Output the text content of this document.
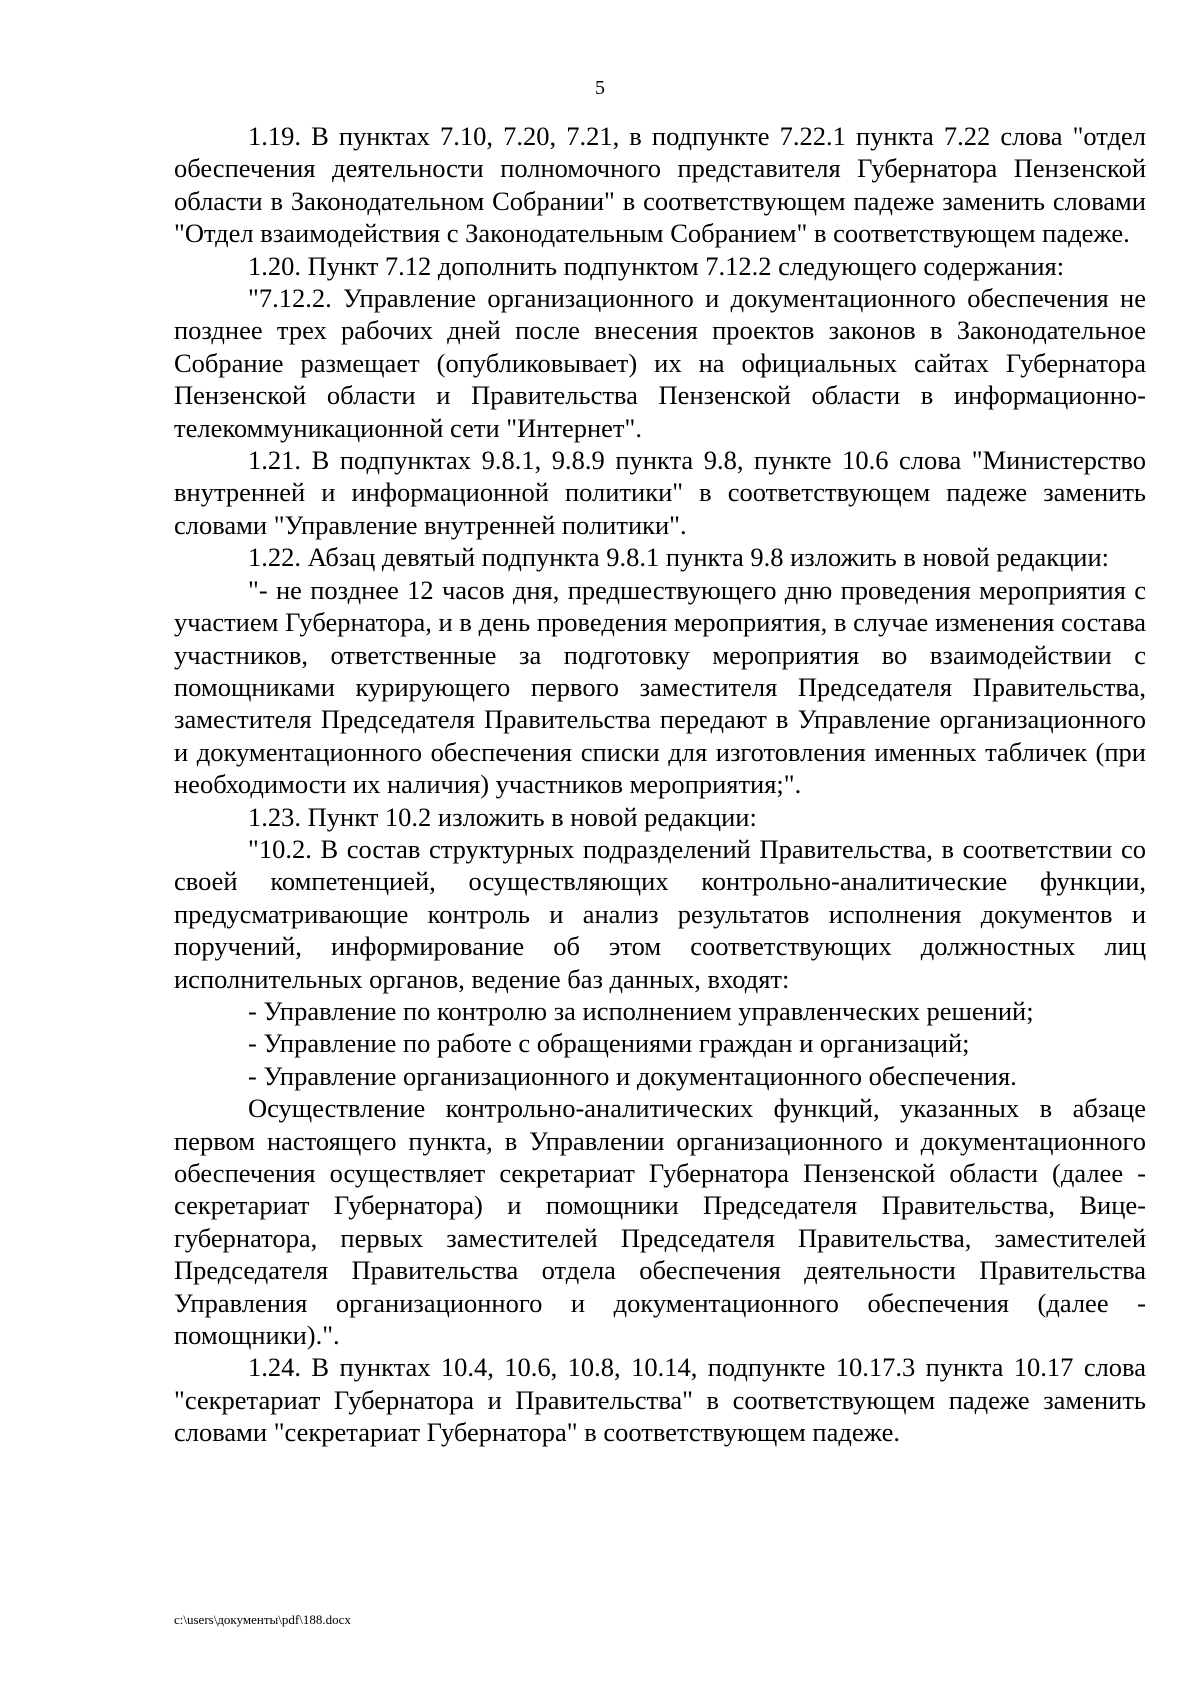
5

1.19. В пунктах 7.10, 7.20, 7.21, в подпункте 7.22.1 пункта 7.22 слова "отдел обеспечения деятельности полномочного представителя Губернатора Пензенской области в Законодательном Собрании" в соответствующем падеже заменить словами "Отдел взаимодействия с Законодательным Собранием" в соответствующем падеже.

1.20. Пункт 7.12 дополнить подпунктом 7.12.2 следующего содержания:

"7.12.2. Управление организационного и документационного обеспечения не позднее трех рабочих дней после внесения проектов законов в Законодательное Собрание размещает (опубликовывает) их на официальных сайтах Губернатора Пензенской области и Правительства Пензенской области в информационно-телекоммуникационной сети "Интернет".

1.21. В подпунктах 9.8.1, 9.8.9 пункта 9.8, пункте 10.6 слова "Министерство внутренней и информационной политики" в соответствующем падеже заменить словами "Управление внутренней политики".

1.22. Абзац девятый подпункта 9.8.1 пункта 9.8 изложить в новой редакции:

"- не позднее 12 часов дня, предшествующего дню проведения мероприятия с участием Губернатора, и в день проведения мероприятия, в случае изменения состава участников, ответственные за подготовку мероприятия во взаимодействии с помощниками курирующего первого заместителя Председателя Правительства, заместителя Председателя Правительства передают в Управление организационного и документационного обеспечения списки для изготовления именных табличек (при необходимости их наличия) участников мероприятия;".

1.23. Пункт 10.2 изложить в новой редакции:

"10.2. В состав структурных подразделений Правительства, в соответствии со своей компетенцией, осуществляющих контрольно-аналитические функции, предусматривающие контроль и анализ результатов исполнения документов и поручений, информирование об этом соответствующих должностных лиц исполнительных органов, ведение баз данных, входят:

- Управление по контролю за исполнением управленческих решений;

- Управление по работе с обращениями граждан и организаций;

- Управление организационного и документационного обеспечения.

Осуществление контрольно-аналитических функций, указанных в абзаце первом настоящего пункта, в Управлении организационного и документационного обеспечения осуществляет секретариат Губернатора Пензенской области (далее - секретариат Губернатора) и помощники Председателя Правительства, Вице-губернатора, первых заместителей Председателя Правительства, заместителей Председателя Правительства отдела обеспечения деятельности Правительства Управления организационного и документационного обеспечения (далее - помощники).".

1.24. В пунктах 10.4, 10.6, 10.8, 10.14, подпункте 10.17.3 пункта 10.17 слова "секретариат Губернатора и Правительства" в соответствующем падеже заменить словами "секретариат Губернатора" в соответствующем падеже.

c:\users\документы\pdf\188.docx
